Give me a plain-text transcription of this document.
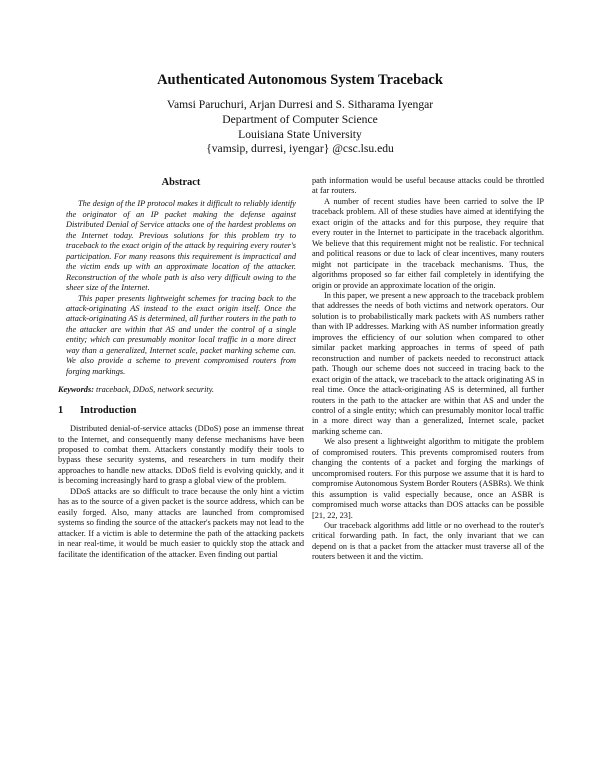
Authenticated Autonomous System Traceback
Vamsi Paruchuri, Arjan Durresi and S. Sitharama Iyengar
Department of Computer Science
Louisiana State University
{vamsip, durresi, iyengar} @csc.lsu.edu
Abstract

The design of the IP protocol makes it difficult to reliably identify the originator of an IP packet making the defense against Distributed Denial of Service attacks one of the hardest problems on the Internet today. Previous solutions for this problem try to traceback to the exact origin of the attack by requiring every router's participation. For many reasons this requirement is impractical and the victim ends up with an approximate location of the attacker. Reconstruction of the whole path is also very difficult owing to the sheer size of the Internet.

This paper presents lightweight schemes for tracing back to the attack-originating AS instead to the exact origin itself. Once the attack-originating AS is determined, all further routers in the path to the attacker are within that AS and under the control of a single entity; which can presumably monitor local traffic in a more direct way than a generalized, Internet scale, packet marking scheme can. We also provide a scheme to prevent compromised routers from forging markings.

Keywords: traceback, DDoS, network security.

1 Introduction

Distributed denial-of-service attacks (DDoS) pose an immense threat to the Internet, and consequently many defense mechanisms have been proposed to combat them. Attackers constantly modify their tools to bypass these security systems, and researchers in turn modify their approaches to handle new attacks. DDoS field is evolving quickly, and it is becoming increasingly hard to grasp a global view of the problem.

DDoS attacks are so difficult to trace because the only hint a victim has as to the source of a given packet is the source address, which can be easily forged. Also, many attacks are launched from compromised systems so finding the source of the attacker's packets may not lead to the attacker. If a victim is able to determine the path of the attacking packets in near real-time, it would be much easier to quickly stop the attack and facilitate the identification of the attacker. Even finding out partial

path information would be useful because attacks could be throttled at far routers.

A number of recent studies have been carried to solve the IP traceback problem. All of these studies have aimed at identifying the exact origin of the attacks and for this purpose, they require that every router in the Internet to participate in the traceback algorithm. We believe that this requirement might not be realistic. For technical and political reasons or due to lack of clear incentives, many routers might not participate in the traceback mechanisms. Thus, the algorithms proposed so far either fail completely in identifying the origin or provide an approximate location of the origin.

In this paper, we present a new approach to the traceback problem that addresses the needs of both victims and network operators. Our solution is to probabilistically mark packets with AS numbers rather than with IP addresses. Marking with AS number information greatly improves the efficiency of our solution when compared to other similar packet marking approaches in terms of speed of path reconstruction and number of packets needed to reconstruct attack path. Though our scheme does not succeed in tracing back to the exact origin of the attack, we traceback to the attack originating AS in real time. Once the attack-originating AS is determined, all further routers in the path to the attacker are within that AS and under the control of a single entity; which can presumably monitor local traffic in a more direct way than a generalized, Internet scale, packet marking scheme can.

We also present a lightweight algorithm to mitigate the problem of compromised routers. This prevents compromised routers from changing the contents of a packet and forging the markings of uncompromised routers. For this purpose we assume that it is hard to compromise Autonomous System Border Routers (ASBRs). We think this assumption is valid especially because, once an ASBR is compromised much worse attacks than DOS attacks can be possible [21, 22, 23].

Our traceback algorithms add little or no overhead to the router's critical forwarding path. In fact, the only invariant that we can depend on is that a packet from the attacker must traverse all of the routers between it and the victim.
